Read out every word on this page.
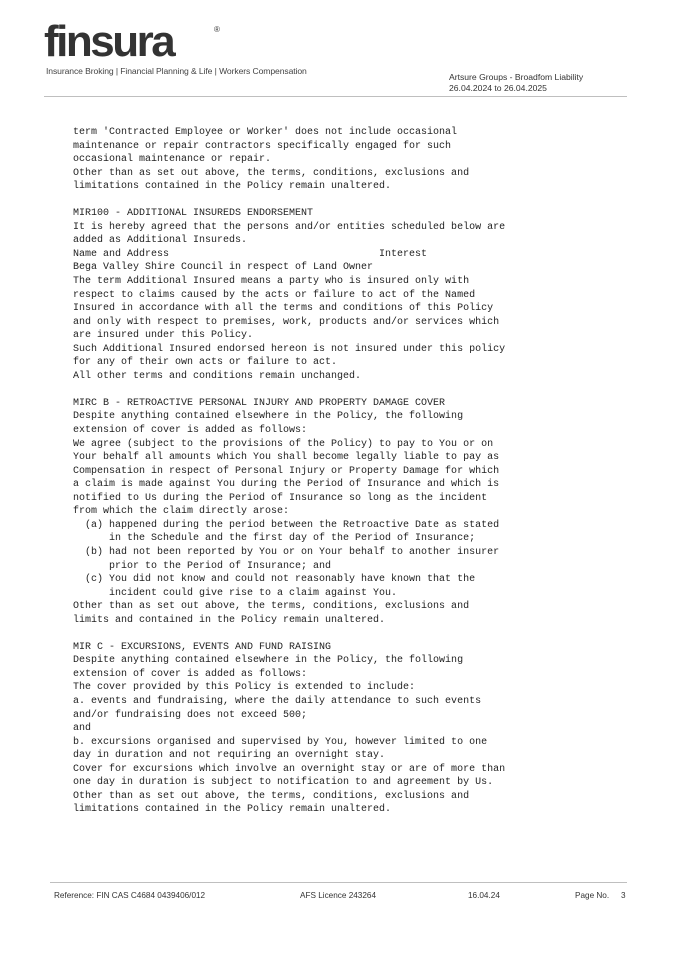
finsura	®
Insurance Broking | Financial Planning & Life | Workers Compensation
Artsure Groups - Broadfom Liability
26.04.2024 to 26.04.2025
term 'Contracted Employee or Worker' does not include occasional
maintenance or repair contractors specifically engaged for such
occasional maintenance or repair.
Other than as set out above, the terms, conditions, exclusions and
limitations contained in the Policy remain unaltered.
MIR100 - ADDITIONAL INSUREDS ENDORSEMENT
It is hereby agreed that the persons and/or entities scheduled below are
added as Additional Insureds.
Name and Address                                   Interest
Bega Valley Shire Council in respect of Land Owner
The term Additional Insured means a party who is insured only with
respect to claims caused by the acts or failure to act of the Named
Insured in accordance with all the terms and conditions of this Policy
and only with respect to premises, work, products and/or services which
are insured under this Policy.
Such Additional Insured endorsed hereon is not insured under this policy
for any of their own acts or failure to act.
All other terms and conditions remain unchanged.
MIRC B - RETROACTIVE PERSONAL INJURY AND PROPERTY DAMAGE COVER
Despite anything contained elsewhere in the Policy, the following
extension of cover is added as follows:
We agree (subject to the provisions of the Policy) to pay to You or on
Your behalf all amounts which You shall become legally liable to pay as
Compensation in respect of Personal Injury or Property Damage for which
a claim is made against You during the Period of Insurance and which is
notified to Us during the Period of Insurance so long as the incident
from which the claim directly arose:
(a) happened during the period between the Retroactive Date as stated
in the Schedule and the first day of the Period of Insurance;
(b) had not been reported by You or on Your behalf to another insurer
prior to the Period of Insurance; and
(c) You did not know and could not reasonably have known that the
incident could give rise to a claim against You.
Other than as set out above, the terms, conditions, exclusions and
limits and contained in the Policy remain unaltered.
MIR C - EXCURSIONS, EVENTS AND FUND RAISING
Despite anything contained elsewhere in the Policy, the following
extension of cover is added as follows:
The cover provided by this Policy is extended to include:
a. events and fundraising, where the daily attendance to such events
and/or fundraising does not exceed 500;
and
b. excursions organised and supervised by You, however limited to one
day in duration and not requiring an overnight stay.
Cover for excursions which involve an overnight stay or are of more than
one day in duration is subject to notification to and agreement by Us.
Other than as set out above, the terms, conditions, exclusions and
limitations contained in the Policy remain unaltered.
Reference: FIN CAS C4684 0439406/012	AFS Licence 243264	16.04.24	Page No. 3
